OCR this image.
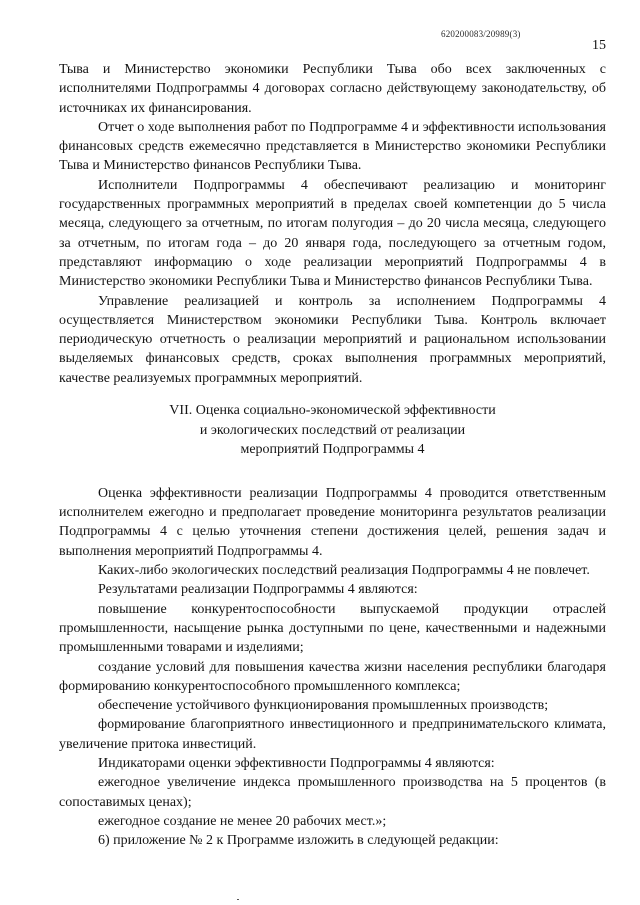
620200083/20989(3)
15

Тыва и Министерство экономики Республики Тыва обо всех заключенных с исполнителями Подпрограммы 4 договорах согласно действующему законодательству, об источниках их финансирования.

Отчет о ходе выполнения работ по Подпрограмме 4 и эффективности использования финансовых средств ежемесячно представляется в Министерство экономики Республики Тыва и Министерство финансов Республики Тыва.

Исполнители Подпрограммы 4 обеспечивают реализацию и мониторинг государственных программных мероприятий в пределах своей компетенции до 5 числа месяца, следующего за отчетным, по итогам полугодия – до 20 числа месяца, следующего за отчетным, по итогам года – до 20 января года, последующего за отчетным годом, представляют информацию о ходе реализации мероприятий Подпрограммы 4 в Министерство экономики Республики Тыва и Министерство финансов Республики Тыва.

Управление реализацией и контроль за исполнением Подпрограммы 4 осуществляется Министерством экономики Республики Тыва. Контроль включает периодическую отчетность о реализации мероприятий и рациональном использовании выделяемых финансовых средств, сроках выполнения программных мероприятий, качестве реализуемых программных мероприятий.

VII. Оценка социально-экономической эффективности
и экологических последствий от реализации
мероприятий Подпрограммы 4

Оценка эффективности реализации Подпрограммы 4 проводится ответственным исполнителем ежегодно и предполагает проведение мониторинга результатов реализации Подпрограммы 4 с целью уточнения степени достижения целей, решения задач и выполнения мероприятий Подпрограммы 4.

Каких-либо экологических последствий реализация Подпрограммы 4 не повлечет.

Результатами реализации Подпрограммы 4 являются:

повышение конкурентоспособности выпускаемой продукции отраслей промышленности, насыщение рынка доступными по цене, качественными и надежными промышленными товарами и изделиями;

создание условий для повышения качества жизни населения республики благодаря формированию конкурентоспособного промышленного комплекса;

обеспечение устойчивого функционирования промышленных производств;

формирование благоприятного инвестиционного и предпринимательского климата, увеличение притока инвестиций.

Индикаторами оценки эффективности Подпрограммы 4 являются:

ежегодное увеличение индекса промышленного производства на 5 процентов (в сопоставимых ценах);

ежегодное создание не менее 20 рабочих мест.»;

6) приложение № 2 к Программе изложить в следующей редакции:
